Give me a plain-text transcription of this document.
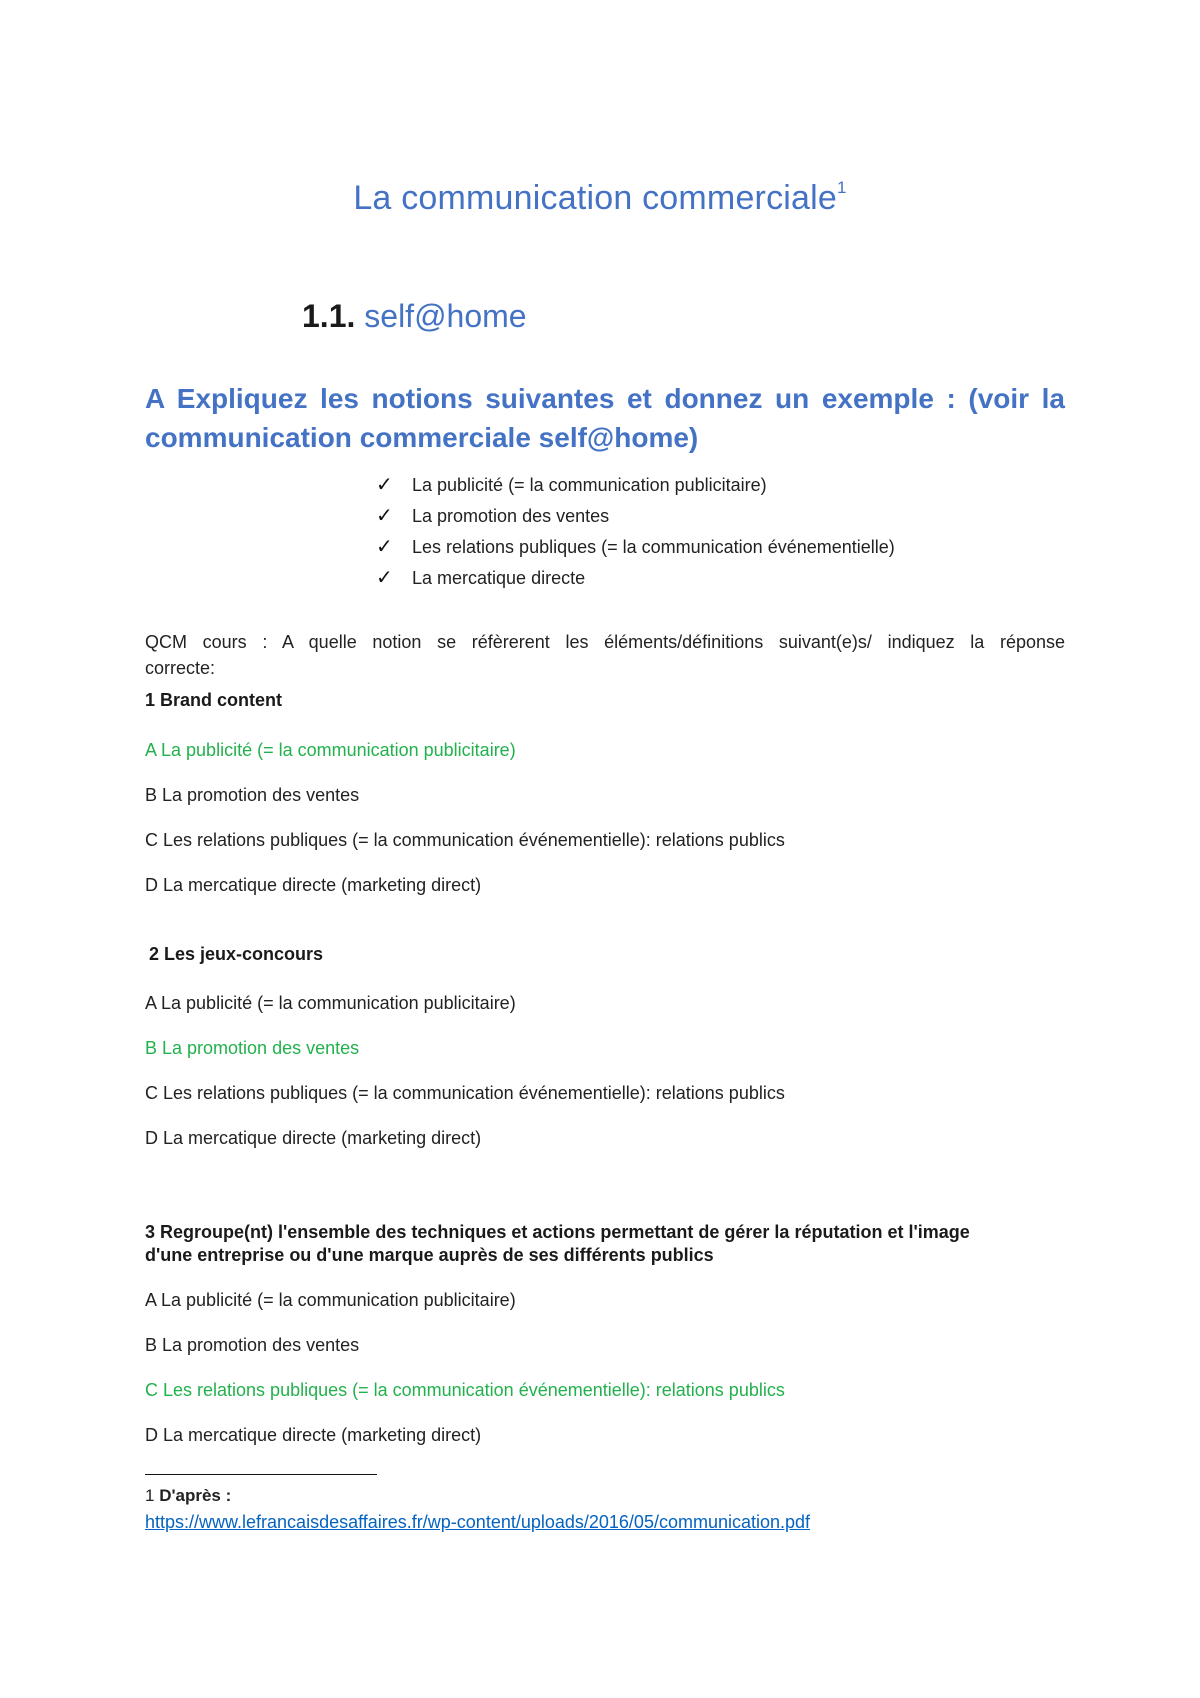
La communication commerciale$^1$
1.1. self@home
A Expliquez les notions suivantes et donnez un exemple : (voir la
communication commerciale self@home)
✓ La publicité (= la communication publicitaire)
✓ La promotion des ventes
✓ Les relations publiques (= la communication événementielle)
✓ La mercatique directe
QCM cours : A quelle notion se réfèrerent les éléments/définitions suivant(e)s/ indiquez la réponse
correcte:
1 Brand content
A La publicité (= la communication publicitaire)
B La promotion des ventes
C Les relations publiques (= la communication événementielle): relations publics
D La mercatique directe (marketing direct)
2 Les jeux-concours
A La publicité (= la communication publicitaire)
B La promotion des ventes
C Les relations publiques (= la communication événementielle): relations publics
D La mercatique directe (marketing direct)
3 Regroupe(nt) l'ensemble des techniques et actions permettant de gérer la réputation et l'image
d'une entreprise ou d'une marque auprès de ses différents publics
A La publicité (= la communication publicitaire)
B La promotion des ventes
C Les relations publiques (= la communication événementielle): relations publics
D La mercatique directe (marketing direct)
1 D'après :
https://www.lefrancaisdesaffaires.fr/wp-content/uploads/2016/05/communication.pdf
